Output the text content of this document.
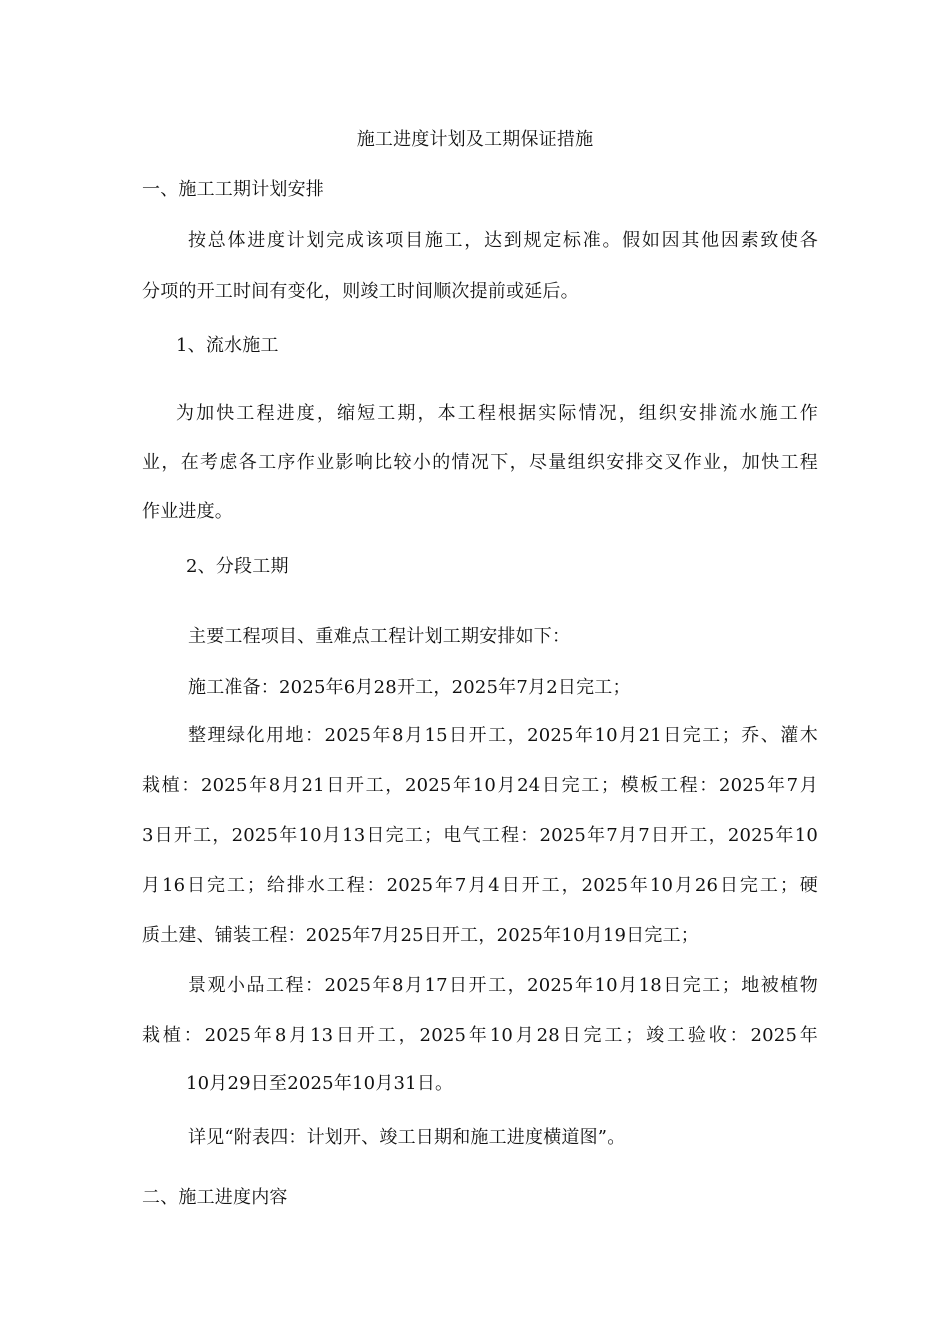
施工进度计划及工期保证措施
一、施工工期计划安排
按总体进度计划完成该项目施工，达到规定标准。假如因其他因素致使各
分项的开工时间有变化，则竣工时间顺次提前或延后。
1、流水施工
为加快工程进度，缩短工期，本工程根据实际情况，组织安排流水施工作
业，在考虑各工序作业影响比较小的情况下，尽量组织安排交叉作业，加快工程
作业进度。
2、分段工期
主要工程项目、重难点工程计划工期安排如下：
施工准备：2025年6月28开工，2025年7月2日完工；
整理绿化用地：2025年8月15日开工，2025年10月21日完工；乔、灌木
栽植：2025年8月21日开工，2025年10月24日完工；模板工程：2025年7月
3日开工，2025年10月13日完工；电气工程：2025年7月7日开工，2025年10
月16日完工；给排水工程：2025年7月4日开工，2025年10月26日完工；硬
质土建、铺装工程：2025年7月25日开工，2025年10月19日完工；
景观小品工程：2025年8月17日开工，2025年10月18日完工；地被植物
栽植：2025年8月13日开工，2025年10月28日完工；竣工验收：2025年
10月29日至2025年10月31日。
详见“附表四：计划开、竣工日期和施工进度横道图”。
二、施工进度内容
